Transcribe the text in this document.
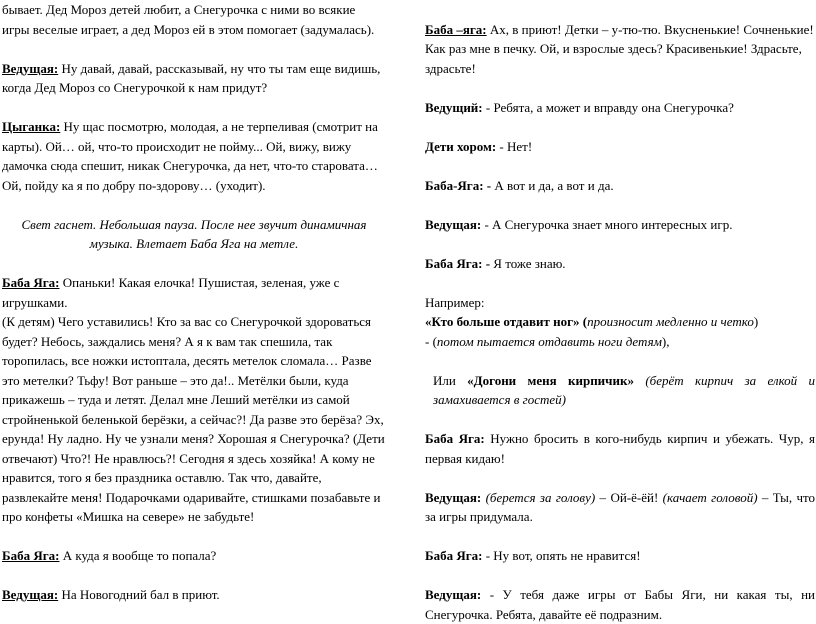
бывает. Дед Мороз детей любит, а Снегурочка с ними во всякие игры веселые играет, а дед Мороз ей в этом помогает (задумалась).

Ведущая: Ну давай, давай, рассказывай, ну что ты там еще видишь, когда Дед Мороз со Снегурочкой к нам придут?

Цыганка: Ну щас посмотрю, молодая, а не терпеливая (смотрит на карты). Ой… ой, что-то происходит не пойму... Ой, вижу, вижу дамочка сюда спешит, никак Снегурочка, да нет, что-то старовата… Ой, пойду ка я по добру по-здорову… (уходит).

Свет гаснет. Небольшая пауза. После нее звучит динамичная музыка. Влетает Баба Яга на метле.

Баба Яга: Опаньки! Какая елочка! Пушистая, зеленая, уже с игрушками.

(К детям) Чего уставились! Кто за вас со Снегурочкой здороваться будет? Небось, заждались меня? А я к вам так спешила, так торопилась, все ножки истоптала, десять метелок сломала… Разве это метелки? Тьфу! Вот раньше – это да!.. Метёлки были, куда прикажешь – туда и летят. Делал мне Леший метёлки из самой стройненькой беленькой берёзки, а сейчас?! Да разве это берёза? Эх, ерунда! Ну ладно. Ну че узнали меня? Хорошая я Снегурочка? (Дети отвечают) Что?! Не нравлюсь?! Сегодня я здесь хозяйка! А кому не нравится, того я без праздника оставлю. Так что, давайте, развлекайте меня! Подарочками одаривайте, стишками позабавьте и про конфеты «Мишка на севере» не забудьте!

Баба Яга: А куда я вообще то попала?

Ведущая: На Новогодний бал в приют.

Баба –яга: Ах, в приют! Детки – у-тю-тю. Вкусненькие! Сочненькие! Как раз мне в печку. Ой, и взрослые здесь? Красивенькие! Здрасьте, здрасьте!

Ведущий: - Ребята, а может и вправду она Снегурочка?

Дети хором: - Нет!

Баба-Яга: - А вот и да, а вот и да.

Ведущая: - А Снегурочка знает много интересных игр.

Баба Яга: - Я тоже знаю.

Например:

«Кто больше отдавит ног» (произносит медленно и четко)

- (потом пытается отдавить ноги детям),

Или «Догони меня кирпичик» (берёт кирпич за елкой и замахивается в гостей)

Баба Яга: Нужно бросить в кого-нибудь кирпич и убежать. Чур, я первая кидаю!

Ведущая: (берется за голову) – Ой-ё-ёй! (качает головой) – Ты, что за игры придумала.

Баба Яга: - Ну вот, опять не нравится!

Ведущая: - У тебя даже игры от Бабы Яги, ни какая ты, ни Снегурочка. Ребята, давайте её подразним.
